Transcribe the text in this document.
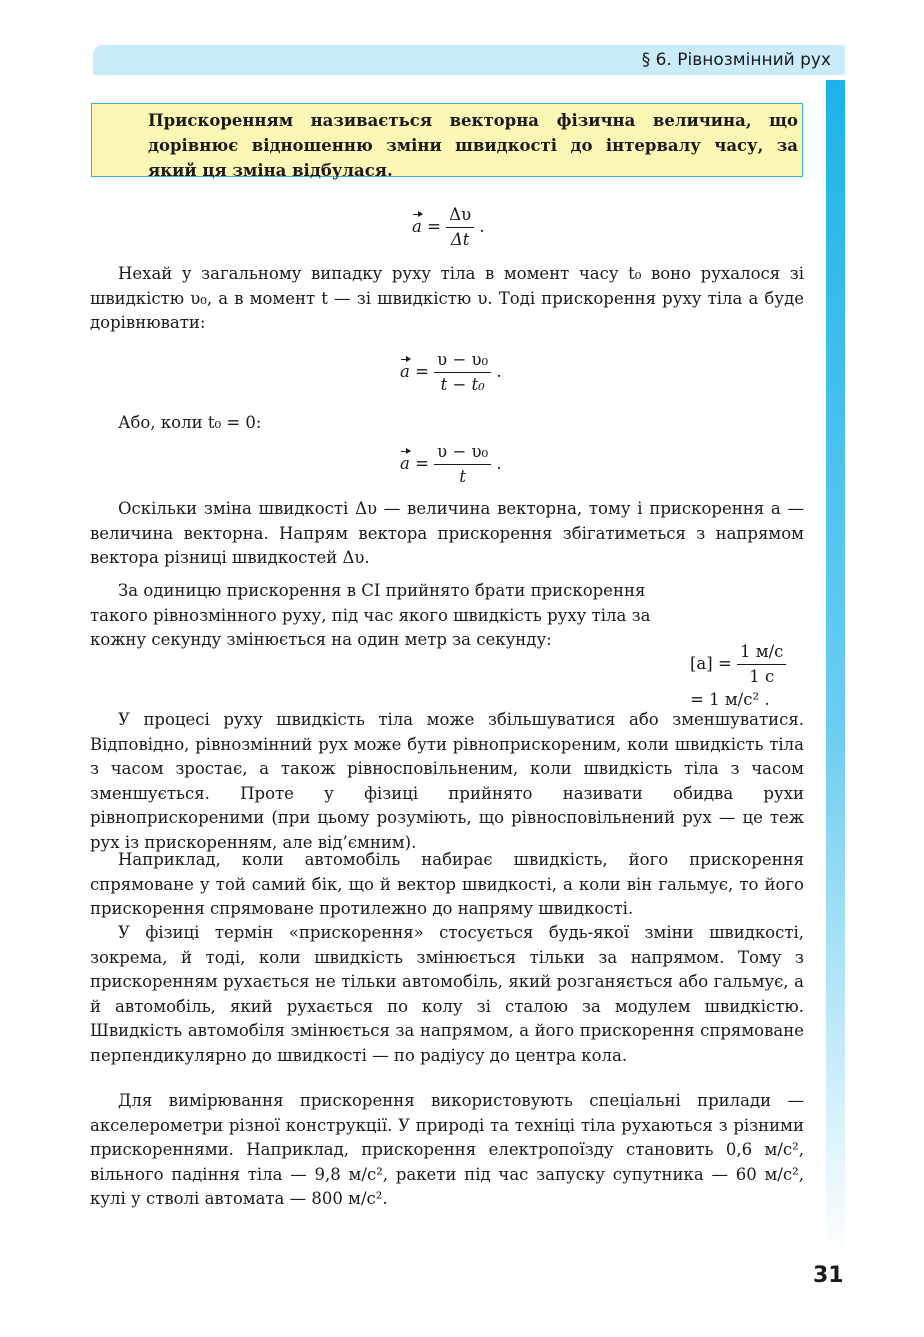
§ 6. Рівнозмінний рух
Прискоренням називається векторна фізична величина, що дорівнює відношенню зміни швидкості до інтервалу часу, за який ця зміна відбулася.
$a = \frac{\Delta\upsilon}{\Delta t}$ .

Нехай у загальному випадку руху тіла в момент часу t₀ воно рухалося зі швидкістю υ₀, а в момент t — зі швидкістю υ. Тоді прискорення руху тіла a буде дорівнювати:

$a = \frac{\text{υ − υ₀}}{\text{t − t₀}}$ .

Або, коли t₀ = 0:

$a = \frac{\text{υ − υ₀}}{t}$ .

Оскільки зміна швидкості Δυ — величина векторна, тому і прискорення a — величина векторна. Напрям вектора прискорення збігатиметься з напрямом вектора різниці швидкостей Δυ.

За одиницю прискорення в СІ прийнято брати прискорення такого рівнозмінного руху, під час якого швидкість руху тіла за кожну секунду змінюється на один метр за секунду:

$[a] = \frac{1 м/с}{1 с}$
= 1 м/с² .

У процесі руху швидкість тіла може збільшуватися або зменшуватися. Відповідно, рівнозмінний рух може бути рівноприскореним, коли швидкість тіла з часом зростає, а також рівносповільненим, коли швидкість тіла з часом зменшується. Проте у фізиці прийнято називати обидва рухи рівноприскореними (при цьому розуміють, що рівносповільнений рух — це теж рух із прискоренням, але від’ємним).

Наприклад, коли автомобіль набирає швидкість, його прискорення спрямоване у той самий бік, що й вектор швидкості, а коли він гальмує, то його прискорення спрямоване протилежно до напряму швидкості.

У фізиці термін «прискорення» стосується будь-якої зміни швидкості, зокрема, й тоді, коли швидкість змінюється тільки за напрямом. Тому з прискоренням рухається не тільки автомобіль, який розганяється або гальмує, а й автомобіль, який рухається по колу зі сталою за модулем швидкістю. Швидкість автомобіля змінюється за напрямом, а його прискорення спрямоване перпендикулярно до швидкості — по радіусу до центра кола.

Для вимірювання прискорення використовують спеціальні прилади — акселерометри різної конструкції. У природі та техніці тіла рухаються з різними прискореннями. Наприклад, прискорення електропоїзду становить 0,6 м/с², вільного падіння тіла — 9,8 м/с², ракети під час запуску супутника — 60 м/с², кулі у стволі автомата — 800 м/с².

31
